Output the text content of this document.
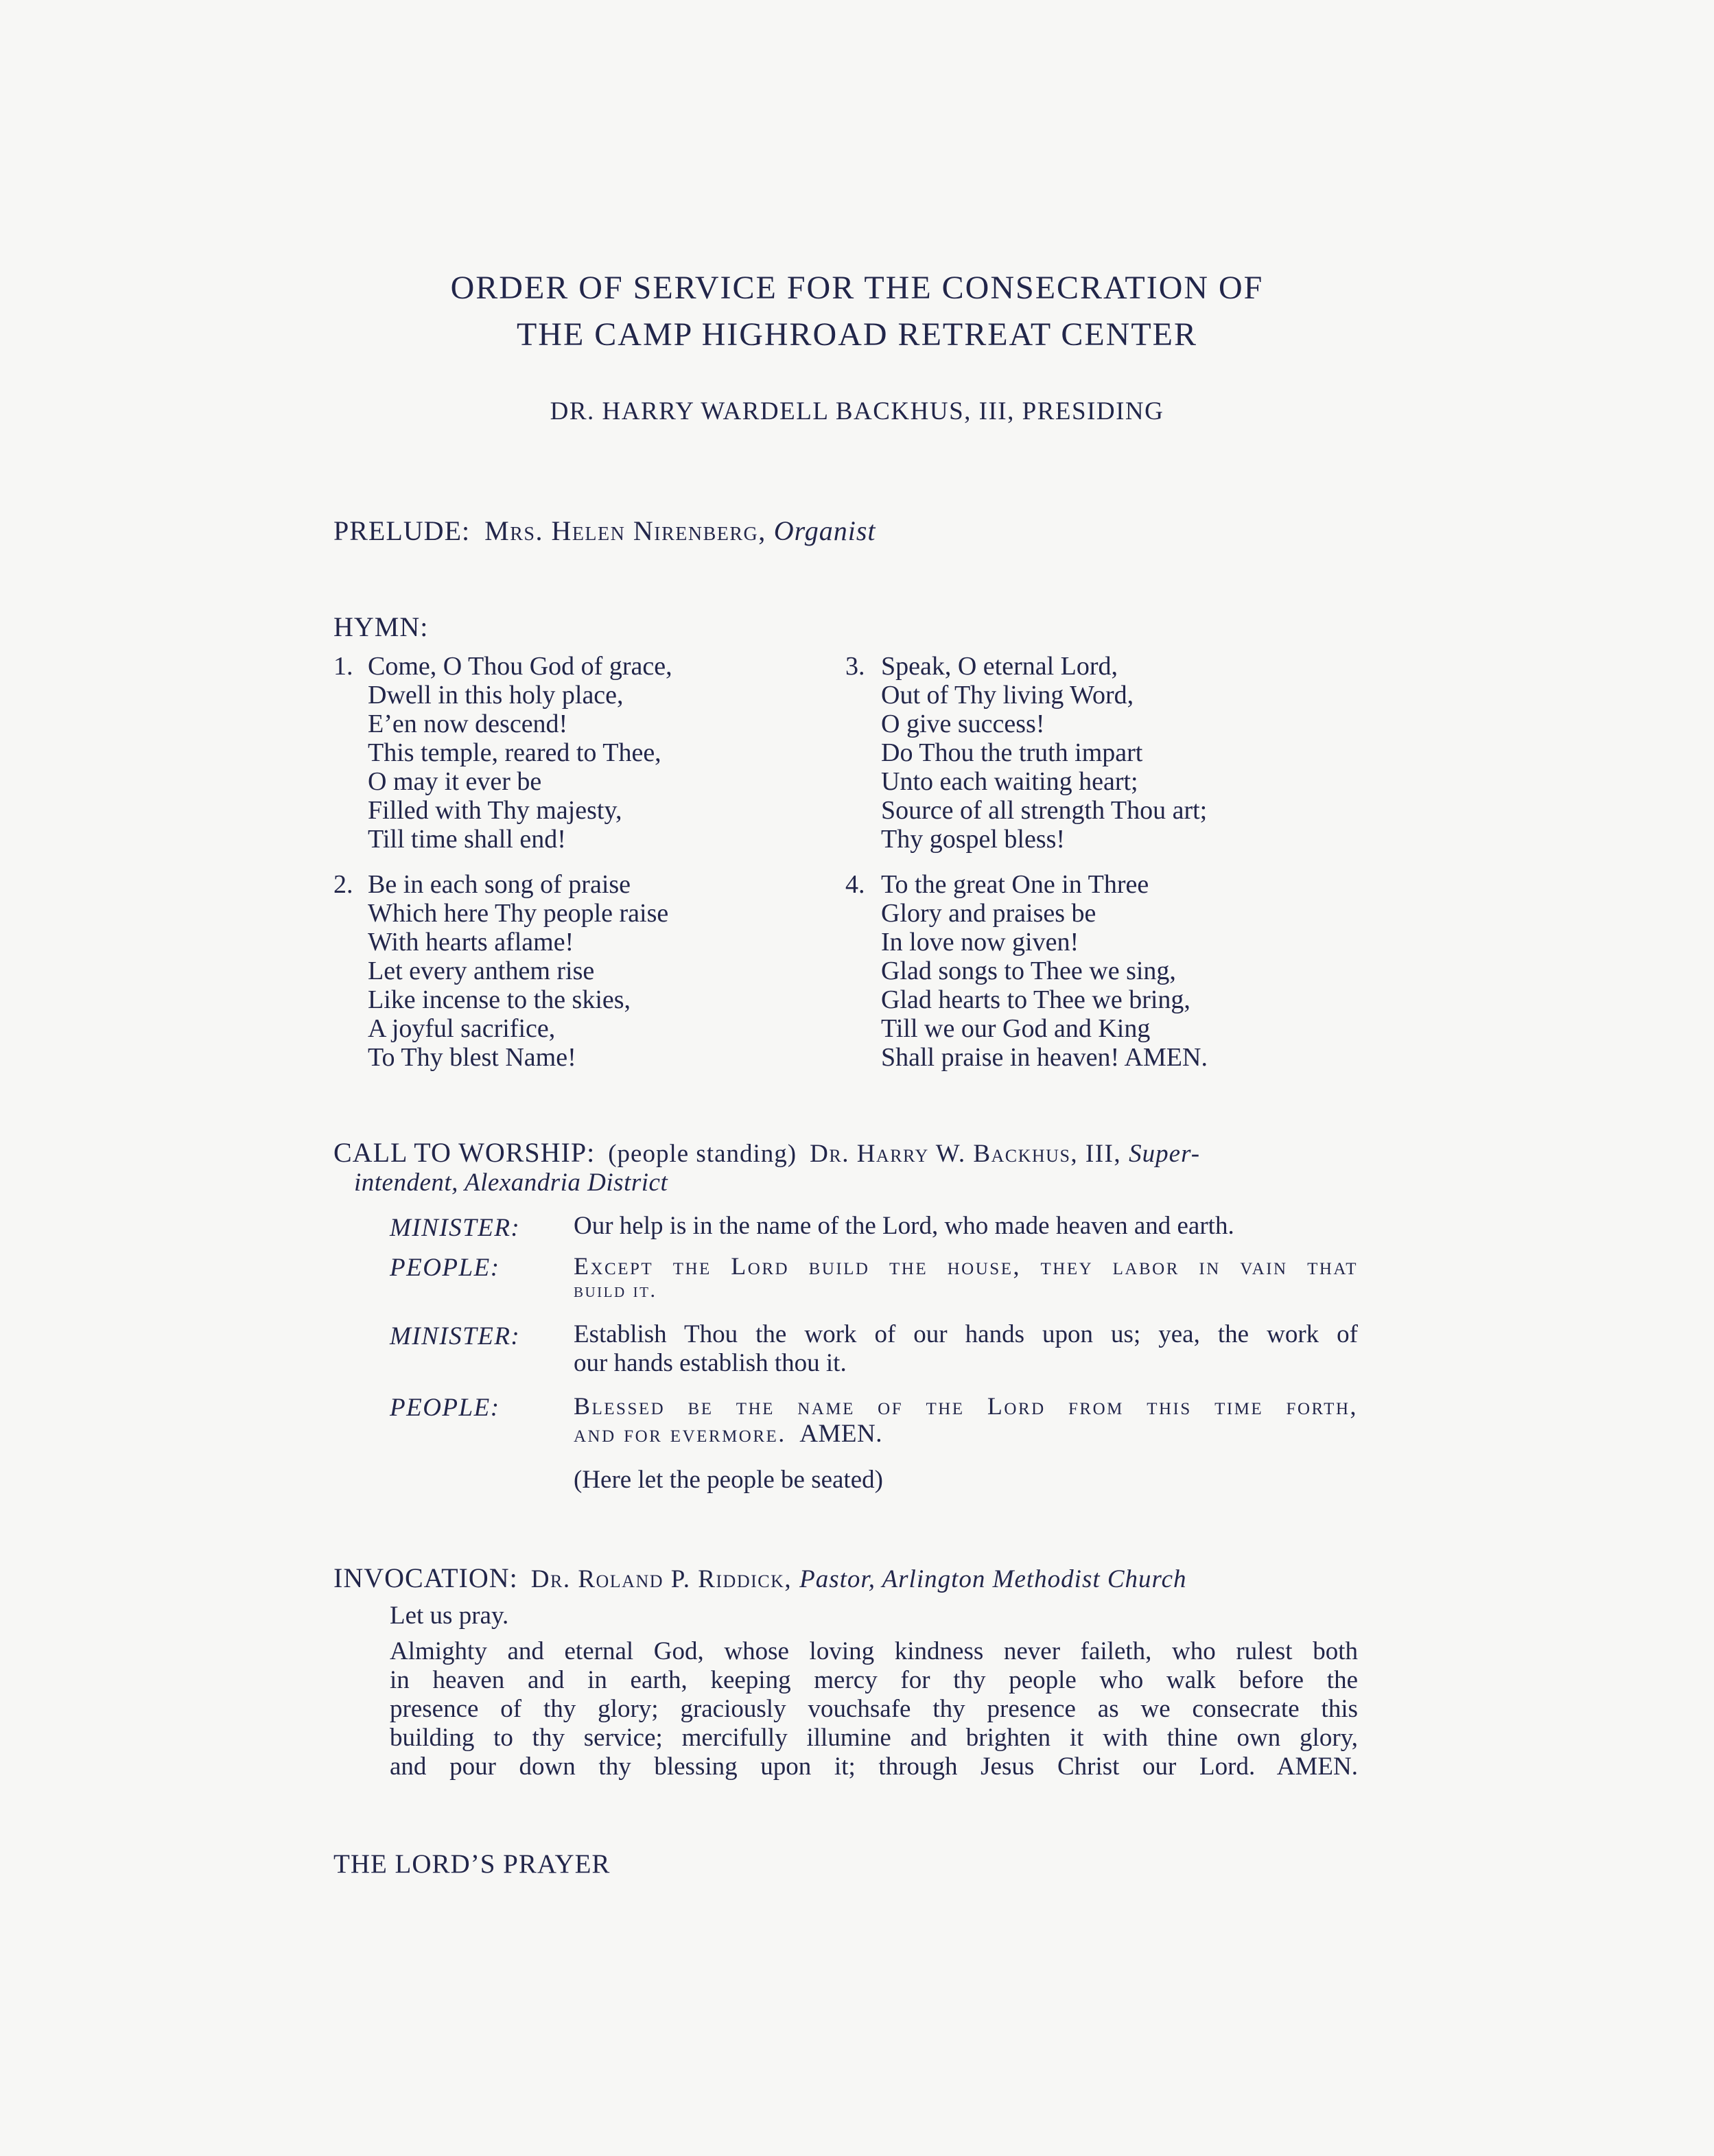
ORDER OF SERVICE FOR THE CONSECRATION OF
THE CAMP HIGHROAD RETREAT CENTER
DR. HARRY WARDELL BACKHUS, III, PRESIDING
PRELUDE: Mrs. Helen Nirenberg, Organist
HYMN:
1. Come, O Thou God of grace,
Dwell in this holy place,
E’en now descend!
This temple, reared to Thee,
O may it ever be
Filled with Thy majesty,
Till time shall end!
2. Be in each song of praise
Which here Thy people raise
With hearts aflame!
Let every anthem rise
Like incense to the skies,
A joyful sacrifice,
To Thy blest Name!
3. Speak, O eternal Lord,
Out of Thy living Word,
O give success!
Do Thou the truth impart
Unto each waiting heart;
Source of all strength Thou art;
Thy gospel bless!
4. To the great One in Three
Glory and praises be
In love now given!
Glad songs to Thee we sing,
Glad hearts to Thee we bring,
Till we our God and King
Shall praise in heaven! AMEN.
CALL TO WORSHIP: (people standing) Dr. Harry W. Backhus, III, Super-
intendent, Alexandria District
MINISTER: Our help is in the name of the Lord, who made heaven and earth.
PEOPLE:	Except the Lord build the house, they labor in vain that
build it.
MINISTER: Establish Thou the work of our hands upon us; yea, the work of
our hands establish thou it.
PEOPLE:	Blessed be the name of the Lord from this time forth,
and for evermore. AMEN.
(Here let the people be seated)
INVOCATION: Dr. Roland P. Riddick, Pastor, Arlington Methodist Church
Let us pray.
Almighty and eternal God, whose loving kindness never faileth, who rulest both
in heaven and in earth, keeping mercy for thy people who walk before the
presence of thy glory; graciously vouchsafe thy presence as we consecrate this
building to thy service; mercifully illumine and brighten it with thine own glory,
and pour down thy blessing upon it; through Jesus Christ our Lord. AMEN.
THE LORD’S PRAYER
